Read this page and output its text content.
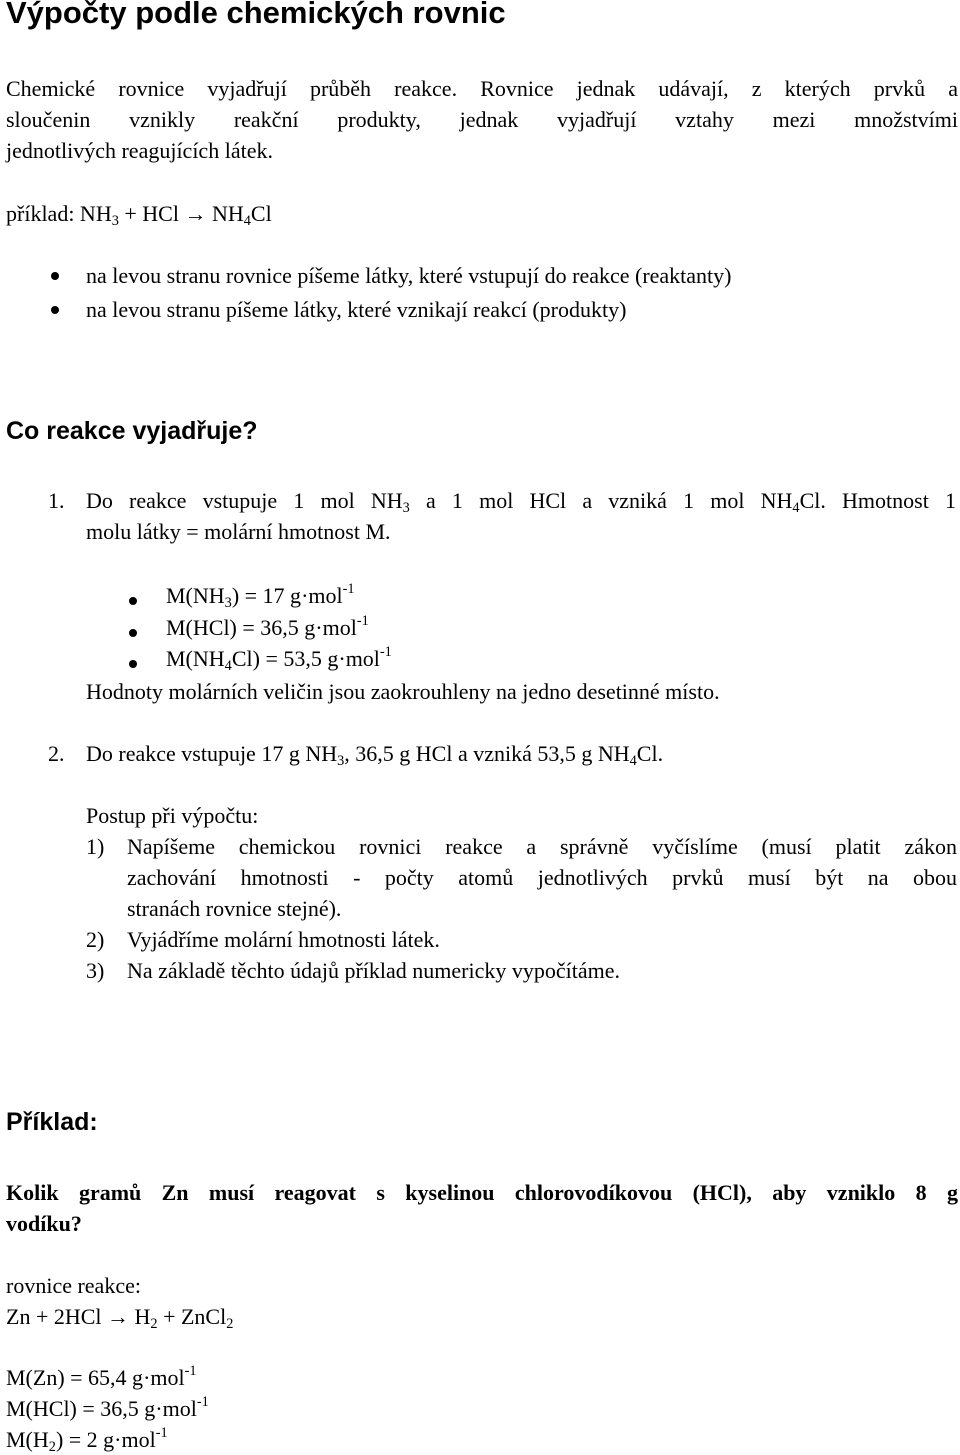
Výpočty podle chemických rovnic
Chemické rovnice vyjadřují průběh reakce. Rovnice jednak udávají, z kterých prvků a
sloučenin vznikly reakční produkty, jednak vyjadřují vztahy mezi množstvími
jednotlivých reagujících látek.
příklad: $NH_3$ + HCl → $NH_4Cl$
na levou stranu rovnice píšeme látky, které vstupují do reakce (reaktanty)
na levou stranu píšeme látky, které vznikají reakcí (produkty)
Co reakce vyjadřuje?
1. Do reakce vstupuje 1 mol $NH_3$ a 1 mol HCl a vzniká 1 mol $NH_4Cl$. Hmotnost 1
molu látky = molární hmotnost M.
$M(NH_3) = 17$ g·mol$^{-1}$
M(HCl) = 36,5 g·mol$^{-1}$
$M(NH_4Cl) = 53,5$ g·mol$^{-1}$
Hodnoty molárních veličin jsou zaokrouhleny na jedno desetinné místo.
2. Do reakce vstupuje 17 g $NH_3$, 36,5 g HCl a vzniká 53,5 g $NH_4Cl$.
Postup při výpočtu:
1) Napíšeme chemickou rovnici reakce a správně vyčíslíme (musí platit zákon
zachování hmotnosti - počty atomů jednotlivých prvků musí být na obou
stranách rovnice stejné).
2) Vyjádříme molární hmotnosti látek.
3) Na základě těchto údajů příklad numericky vypočítáme.
Příklad:
Kolik gramů Zn musí reagovat s kyselinou chlorovodíkovou (HCl), aby vzniklo 8 g
vodíku?
rovnice reakce:
$Zn + 2HCl \to H_2$ + ZnCl$_2$
M(Zn) = 65,4 g·mol$^{-1}$
M(HCl) = 36,5 g·mol$^{-1}$
$M(H_2) = 2$ g·mol$^{-1}$
